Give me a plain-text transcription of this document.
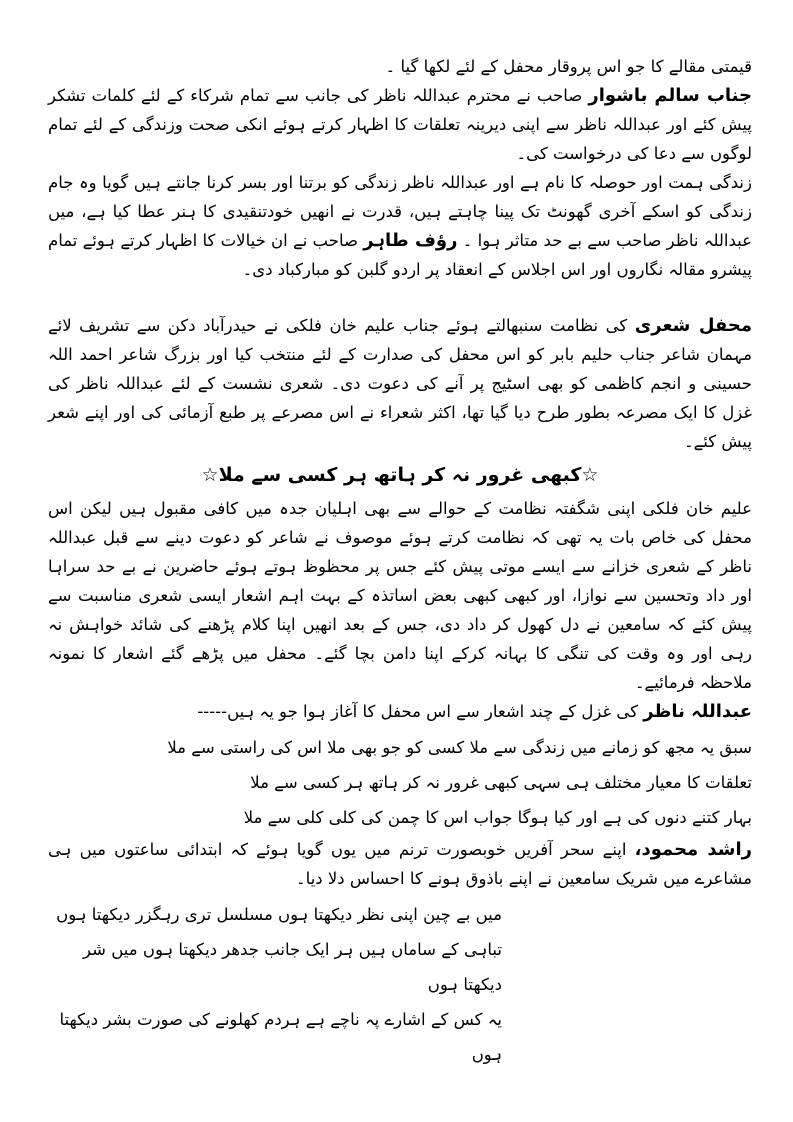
قیمتی مقالے کا جو اس پروقار محفل کے لئے لکھا گیا ۔

جناب سالم باشوار صاحب نے محترم عبداللہ ناظر کی جانب سے تمام شرکاء کے لئے کلمات تشکر پیش کئے اور عبداللہ ناظر سے اپنی دیرینہ تعلقات کا اظہار کرتے ہوئے انکی صحت وزندگی کے لئے تمام لوگوں سے دعا کی درخواست کی۔

زندگی ہمت اور حوصلہ کا نام ہے اور عبداللہ ناظر زندگی کو برتنا اور بسر کرنا جانتے ہیں گویا وہ جام زندگی کو اسکے آخری گھونٹ تک پینا چاہتے ہیں، قدرت نے انھیں خودتنقیدی کا ہنر عطا کیا ہے، میں عبداللہ ناظر صاحب سے بے حد متاثر ہوا ۔ رؤف طاہر صاحب نے ان خیالات کا اظہار کرتے ہوئے تمام پیشرو مقالہ نگاروں اور اس اجلاس کے انعقاد پر اردو گلبن کو مبارکباد دی۔

محفل شعری کی نظامت سنبھالتے ہوئے جناب علیم خان فلکی نے حیدرآباد دکن سے تشریف لائے مہمان شاعر جناب حلیم بابر کو اس محفل کی صدارت کے لئے منتخب کیا اور بزرگ شاعر احمد اللہ حسینی و انجم کاظمی کو بھی اسٹیج پر آنے کی دعوت دی۔ شعری نشست کے لئے عبداللہ ناظر کی غزل کا ایک مصرعہ بطور طرح دیا گیا تھا، اکثر شعراء نے اس مصرعے پر طبع آزمائی کی اور اپنے شعر پیش کئے۔

☆کبھی غرور نہ کر ہاتھ ہر کسی سے ملا☆

علیم خان فلکی اپنی شگفتہ نظامت کے حوالے سے بھی اہلیان جدہ میں کافی مقبول ہیں لیکن اس محفل کی خاص بات یہ تھی کہ نظامت کرتے ہوئے موصوف نے شاعر کو دعوت دینے سے قبل عبداللہ ناظر کے شعری خزانے سے ایسے موتی پیش کئے جس پر محظوظ ہوتے ہوئے حاضرین نے بے حد سراہا اور داد وتحسین سے نوازا، اور کبھی کبھی بعض اساتذہ کے بہت اہم اشعار ایسی شعری مناسبت سے پیش کئے کہ سامعین نے دل کھول کر داد دی، جس کے بعد انھیں اپنا کلام پڑھنے کی شائد خواہش نہ رہی اور وہ وقت کی تنگی کا بہانہ کرکے اپنا دامن بچا گئے۔ محفل میں پڑھے گئے اشعار کا نمونہ ملاحظہ فرمائیے۔

عبداللہ ناظر کی غزل کے چند اشعار سے اس محفل کا آغاز ہوا جو یہ ہیں-----

سبق یہ مجھ کو زمانے میں زندگی سے ملا کسی کو جو بھی ملا اس کی راستی سے ملا
تعلقات کا معیار مختلف ہی سہی کبھی غرور نہ کر ہاتھ ہر کسی سے ملا
بہار کتنے دنوں کی ہے اور کیا ہوگا جواب اس کا چمن کی کلی کلی سے ملا

راشد محمود، اپنے سحر آفریں خوبصورت ترنم میں یوں گویا ہوئے کہ ابتدائی ساعتوں میں ہی مشاعرے میں شریک سامعین نے اپنے باذوق ہونے کا احساس دلا دیا۔

میں بے چین اپنی نظر دیکھتا ہوں مسلسل تری رہگزر دیکھتا ہوں
تباہی کے ساماں ہیں ہر ایک جانب جدھر دیکھتا ہوں میں شر دیکھتا ہوں
یہ کس کے اشارے پہ ناچے ہے ہردم کھلونے کی صورت بشر دیکھتا ہوں
